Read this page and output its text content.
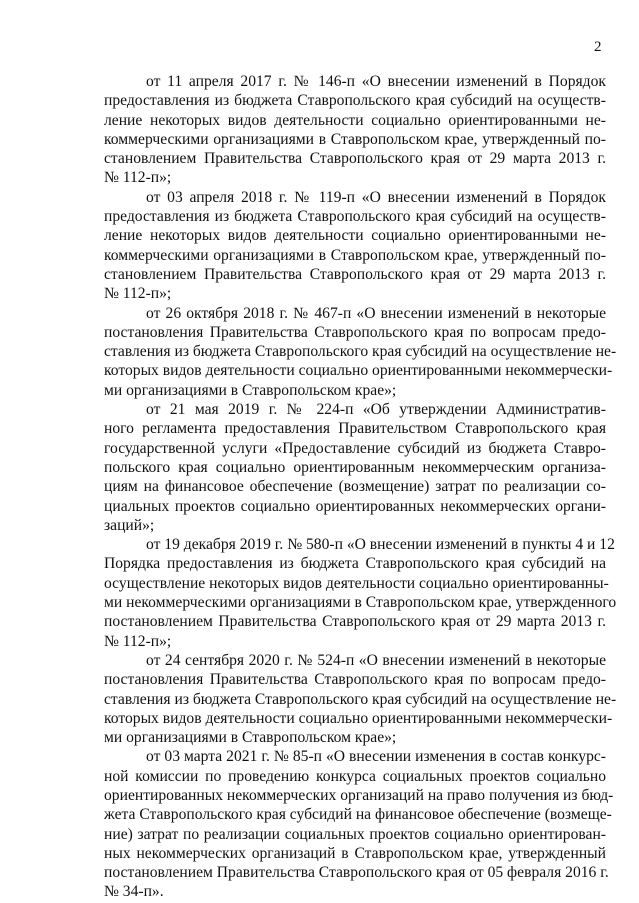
2
от 11 апреля 2017 г. № 146-п «О внесении изменений в Порядок
предоставления из бюджета Ставропольского края субсидий на осуществ-
ление некоторых видов деятельности социально ориентированными не-
коммерческими организациями в Ставропольском крае, утвержденный по-
становлением Правительства Ставропольского края от 29 марта 2013 г.
№ 112-п»;
от 03 апреля 2018 г. № 119-п «О внесении изменений в Порядок
предоставления из бюджета Ставропольского края субсидий на осуществ-
ление некоторых видов деятельности социально ориентированными не-
коммерческими организациями в Ставропольском крае, утвержденный по-
становлением Правительства Ставропольского края от 29 марта 2013 г.
№ 112-п»;
от 26 октября 2018 г. № 467-п «О внесении изменений в некоторые
постановления Правительства Ставропольского края по вопросам предо-
ставления из бюджета Ставропольского края субсидий на осуществление не-
которых видов деятельности социально ориентированными некоммерчески-
ми организациями в Ставропольском крае»;
от 21 мая 2019 г. № 224-п «Об утверждении Административ-
ного регламента предоставления Правительством Ставропольского края
государственной услуги «Предоставление субсидий из бюджета Ставро-
польского края социально ориентированным некоммерческим организа-
циям на финансовое обеспечение (возмещение) затрат по реализации со-
циальных проектов социально ориентированных некоммерческих органи-
заций»;
от 19 декабря 2019 г. № 580-п «О внесении изменений в пункты 4 и 12
Порядка предоставления из бюджета Ставропольского края субсидий на
осуществление некоторых видов деятельности социально ориентированны-
ми некоммерческими организациями в Ставропольском крае, утвержденного
постановлением Правительства Ставропольского края от 29 марта 2013 г.
№ 112-п»;
от 24 сентября 2020 г. № 524-п «О внесении изменений в некоторые
постановления Правительства Ставропольского края по вопросам предо-
ставления из бюджета Ставропольского края субсидий на осуществление не-
которых видов деятельности социально ориентированными некоммерчески-
ми организациями в Ставропольском крае»;
от 03 марта 2021 г. № 85-п «О внесении изменения в состав конкурс-
ной комиссии по проведению конкурса социальных проектов социально
ориентированных некоммерческих организаций на право получения из бюд-
жета Ставропольского края субсидий на финансовое обеспечение (возмеще-
ние) затрат по реализации социальных проектов социально ориентирован-
ных некоммерческих организаций в Ставропольском крае, утвержденный
постановлением Правительства Ставропольского края от 05 февраля 2016 г.
№ 34-п».
